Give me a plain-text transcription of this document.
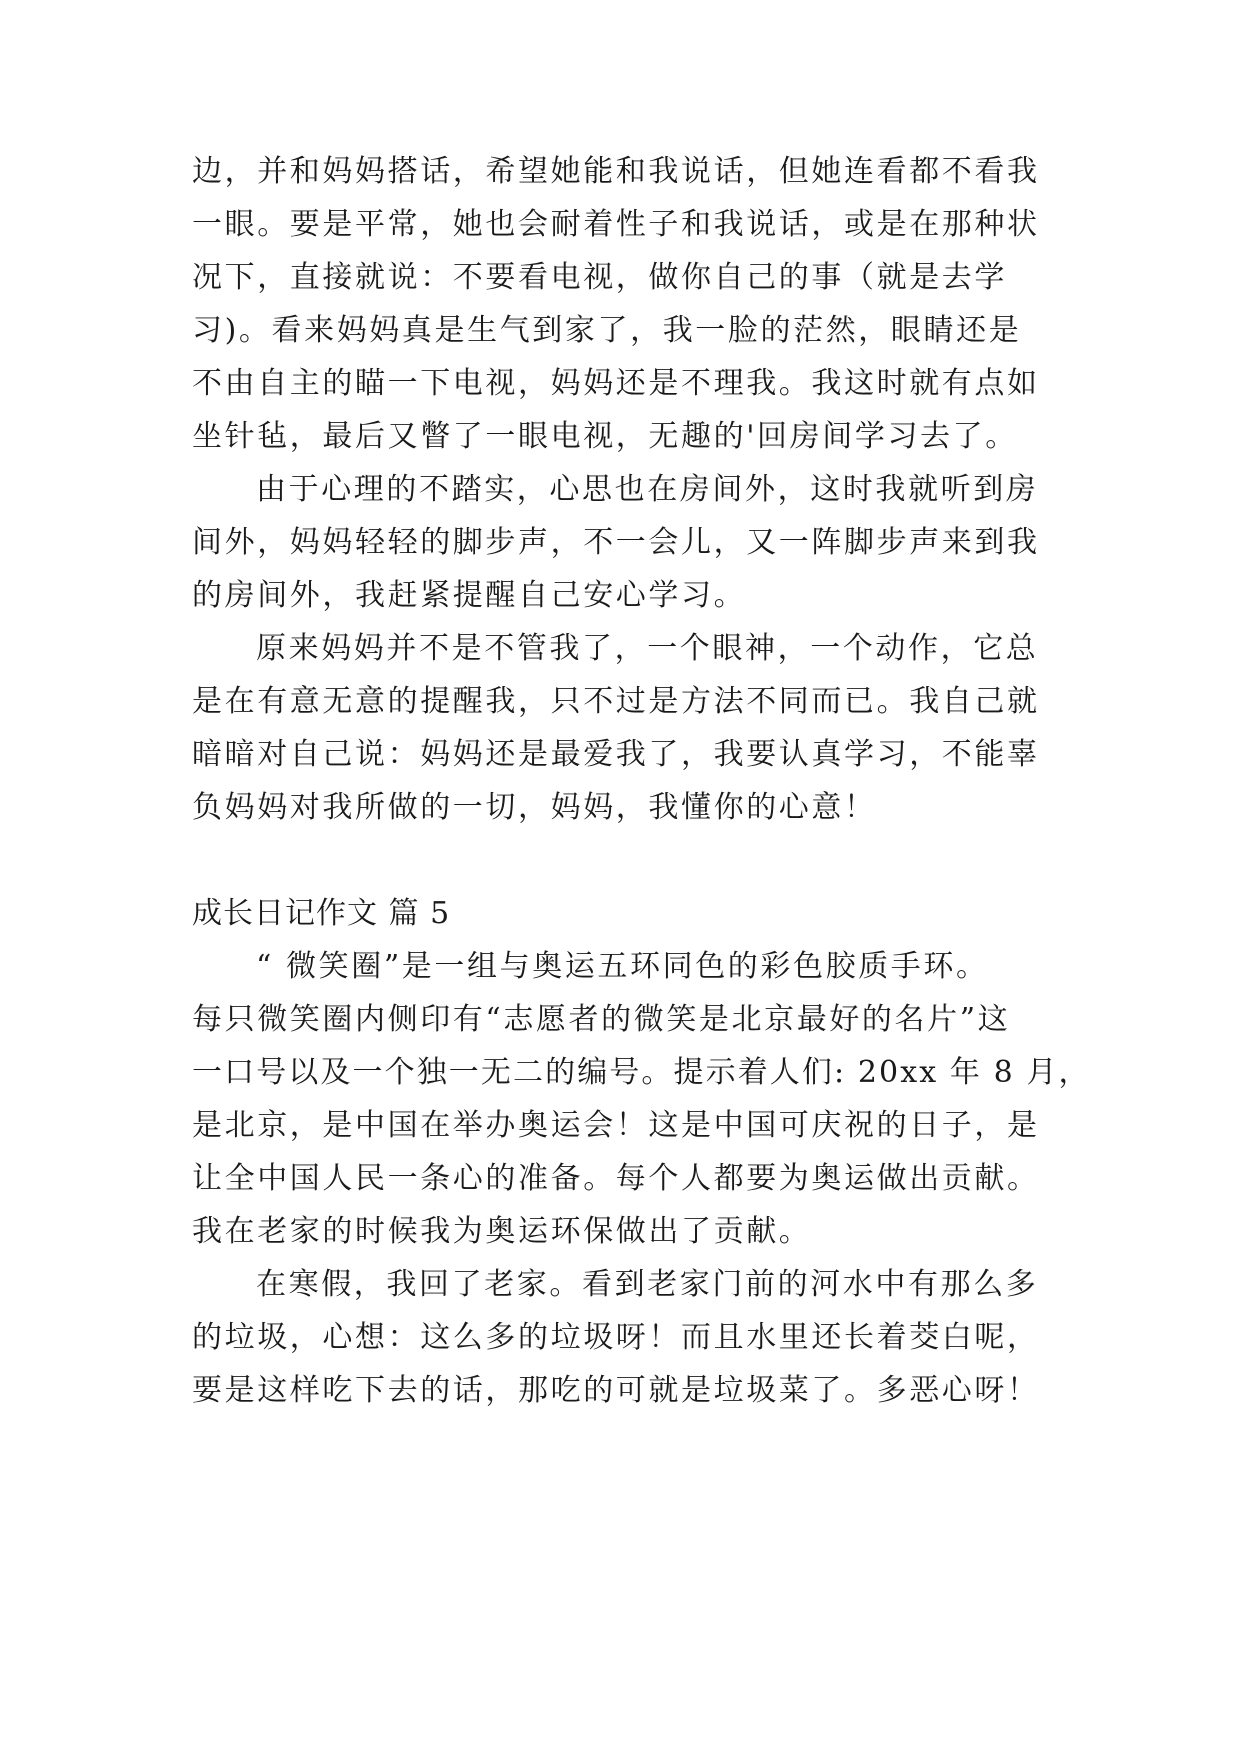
边，并和妈妈搭话，希望她能和我说话，但她连看都不看我
一眼。要是平常，她也会耐着性子和我说话，或是在那种状
况下，直接就说：不要看电视，做你自己的事（就是去学
习)。看来妈妈真是生气到家了，我一脸的茫然，眼睛还是
不由自主的瞄一下电视，妈妈还是不理我。我这时就有点如
坐针毡，最后又瞥了一眼电视，无趣的'回房间学习去了。
由于心理的不踏实，心思也在房间外，这时我就听到房
间外，妈妈轻轻的脚步声，不一会儿，又一阵脚步声来到我
的房间外，我赶紧提醒自己安心学习。
原来妈妈并不是不管我了，一个眼神，一个动作，它总
是在有意无意的提醒我，只不过是方法不同而已。我自己就
暗暗对自己说：妈妈还是最爱我了，我要认真学习，不能辜
负妈妈对我所做的一切，妈妈，我懂你的心意！
成长日记作文 篇 5
“ 微笑圈”是一组与奥运五环同色的彩色胶质手环。
每只微笑圈内侧印有“志愿者的微笑是北京最好的名片”这
一口号以及一个独一无二的编号。提示着人们: 20xx 年 8 月，
是北京，是中国在举办奥运会！这是中国可庆祝的日子，是
让全中国人民一条心的准备。每个人都要为奥运做出贡献。
我在老家的时候我为奥运环保做出了贡献。
在寒假，我回了老家。看到老家门前的河水中有那么多
的垃圾，心想：这么多的垃圾呀！而且水里还长着茭白呢，
要是这样吃下去的话，那吃的可就是垃圾菜了。多恶心呀！
